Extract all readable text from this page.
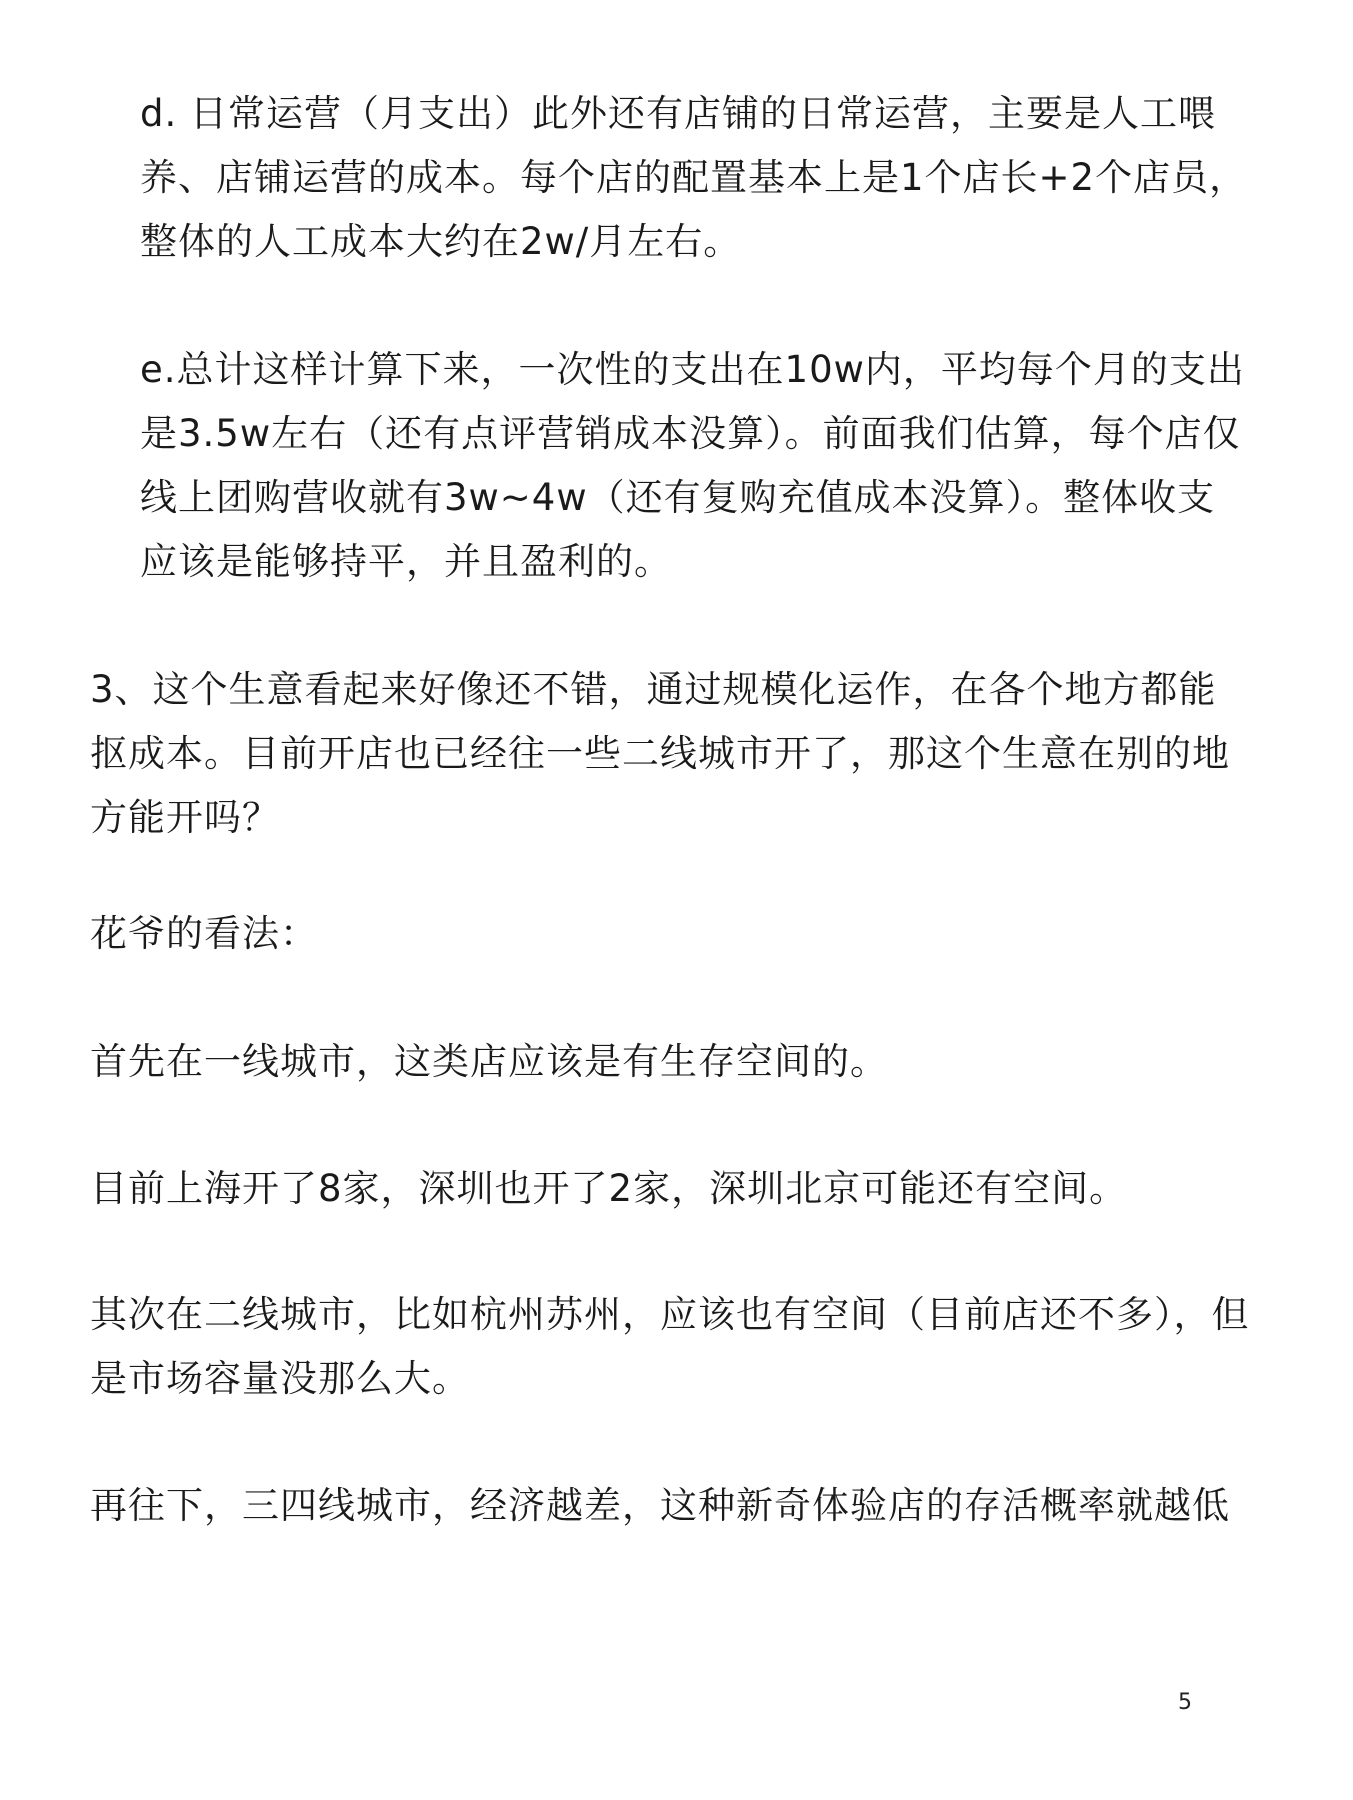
d. 日常运营（月支出）此外还有店铺的日常运营，主要是人工喂养、店铺运营的成本。每个店的配置基本上是1个店长+2个店员，整体的人工成本大约在2w/月左右。

e.总计这样计算下来，一次性的支出在10w内，平均每个月的支出是3.5w左右（还有点评营销成本没算）。前面我们估算，每个店仅线上团购营收就有3w~4w（还有复购充值成本没算）。整体收支应该是能够持平，并且盈利的。

3、这个生意看起来好像还不错，通过规模化运作，在各个地方都能抠成本。目前开店也已经往一些二线城市开了，那这个生意在别的地方能开吗？

花爷的看法：

首先在一线城市，这类店应该是有生存空间的。

目前上海开了8家，深圳也开了2家，深圳北京可能还有空间。

其次在二线城市，比如杭州苏州，应该也有空间（目前店还不多），但是市场容量没那么大。

再往下，三四线城市，经济越差，这种新奇体验店的存活概率就越低

5
